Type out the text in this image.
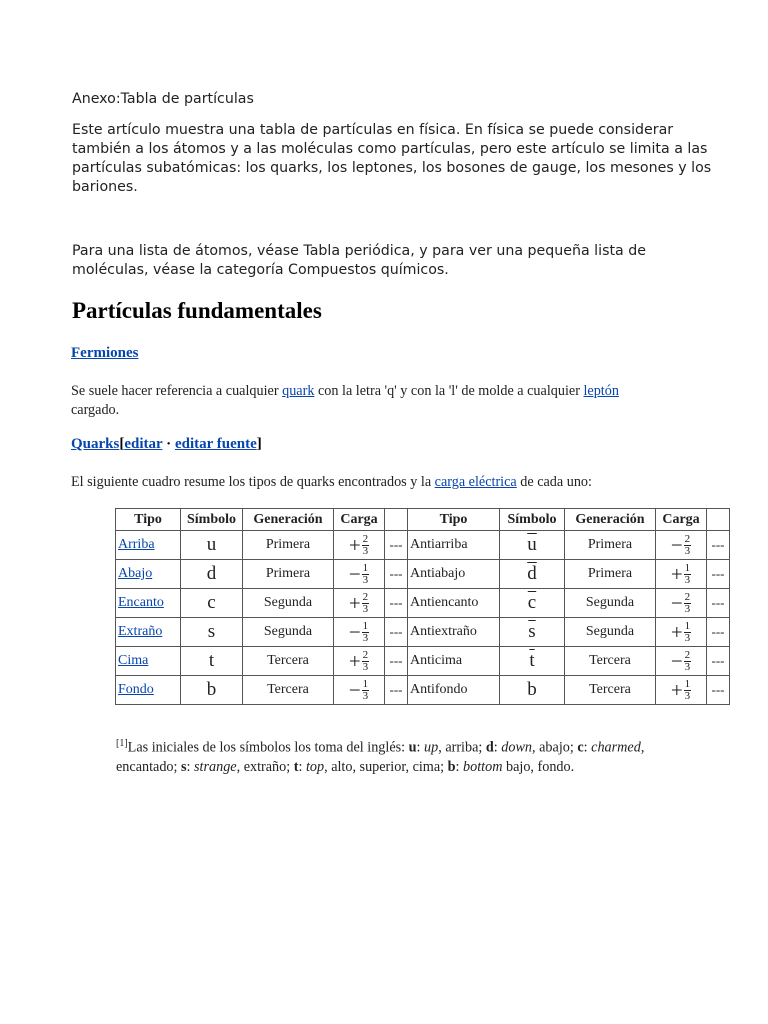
Anexo:Tabla de partículas

Este artículo muestra una tabla de partículas en física. En física se puede considerar también a los átomos y a las moléculas como partículas, pero este artículo se limita a las partículas subatómicas: los quarks, los leptones, los bosones de gauge, los mesones y los bariones.

Para una lista de átomos, véase Tabla periódica, y para ver una pequeña lista de moléculas, véase la categoría Compuestos químicos.

Partículas fundamentales
Fermiones

Se suele hacer referencia a cualquier quark con la letra 'q' y con la 'l' de molde a cualquier leptón
cargado.

Quarks[editar · editar fuente]

El siguiente cuadro resume los tipos de quarks encontrados y la carga eléctrica de cada uno:

Tipo	Símbolo	Generación	Carga		Tipo	Símbolo	Generación	Carga	
Arriba	u	Primera	+ $\frac{2}{3}$	---	Antiarriba	$\overline{u}$	Primera	− $\frac{2}{3}$	---
Abajo	d	Primera	− $\frac{1}{3}$	---	Antiabajo	$\overline{d}$	Primera	+ $\frac{1}{3}$	---
Encanto	c	Segunda	+ $\frac{2}{3}$	---	Antiencanto	$\overline{c}$	Segunda	− $\frac{2}{3}$	---
Extraño	s	Segunda	− $\frac{1}{3}$	---	Antiextraño	$\overline{s}$	Segunda	+ $\frac{1}{3}$	---
Cima	t	Tercera	+ $\frac{2}{3}$	---	Anticima	$\overline{t}$	Tercera	− $\frac{2}{3}$	---
Fondo	b	Tercera	− $\frac{1}{3}$	---	Antifondo	b	Tercera	+ $\frac{1}{3}$	---

[1]Las iniciales de los símbolos los toma del inglés: u: up, arriba; d: down, abajo; c: charmed, encantado; s: strange, extraño; t: top, alto, superior, cima; b: bottom bajo, fondo.
